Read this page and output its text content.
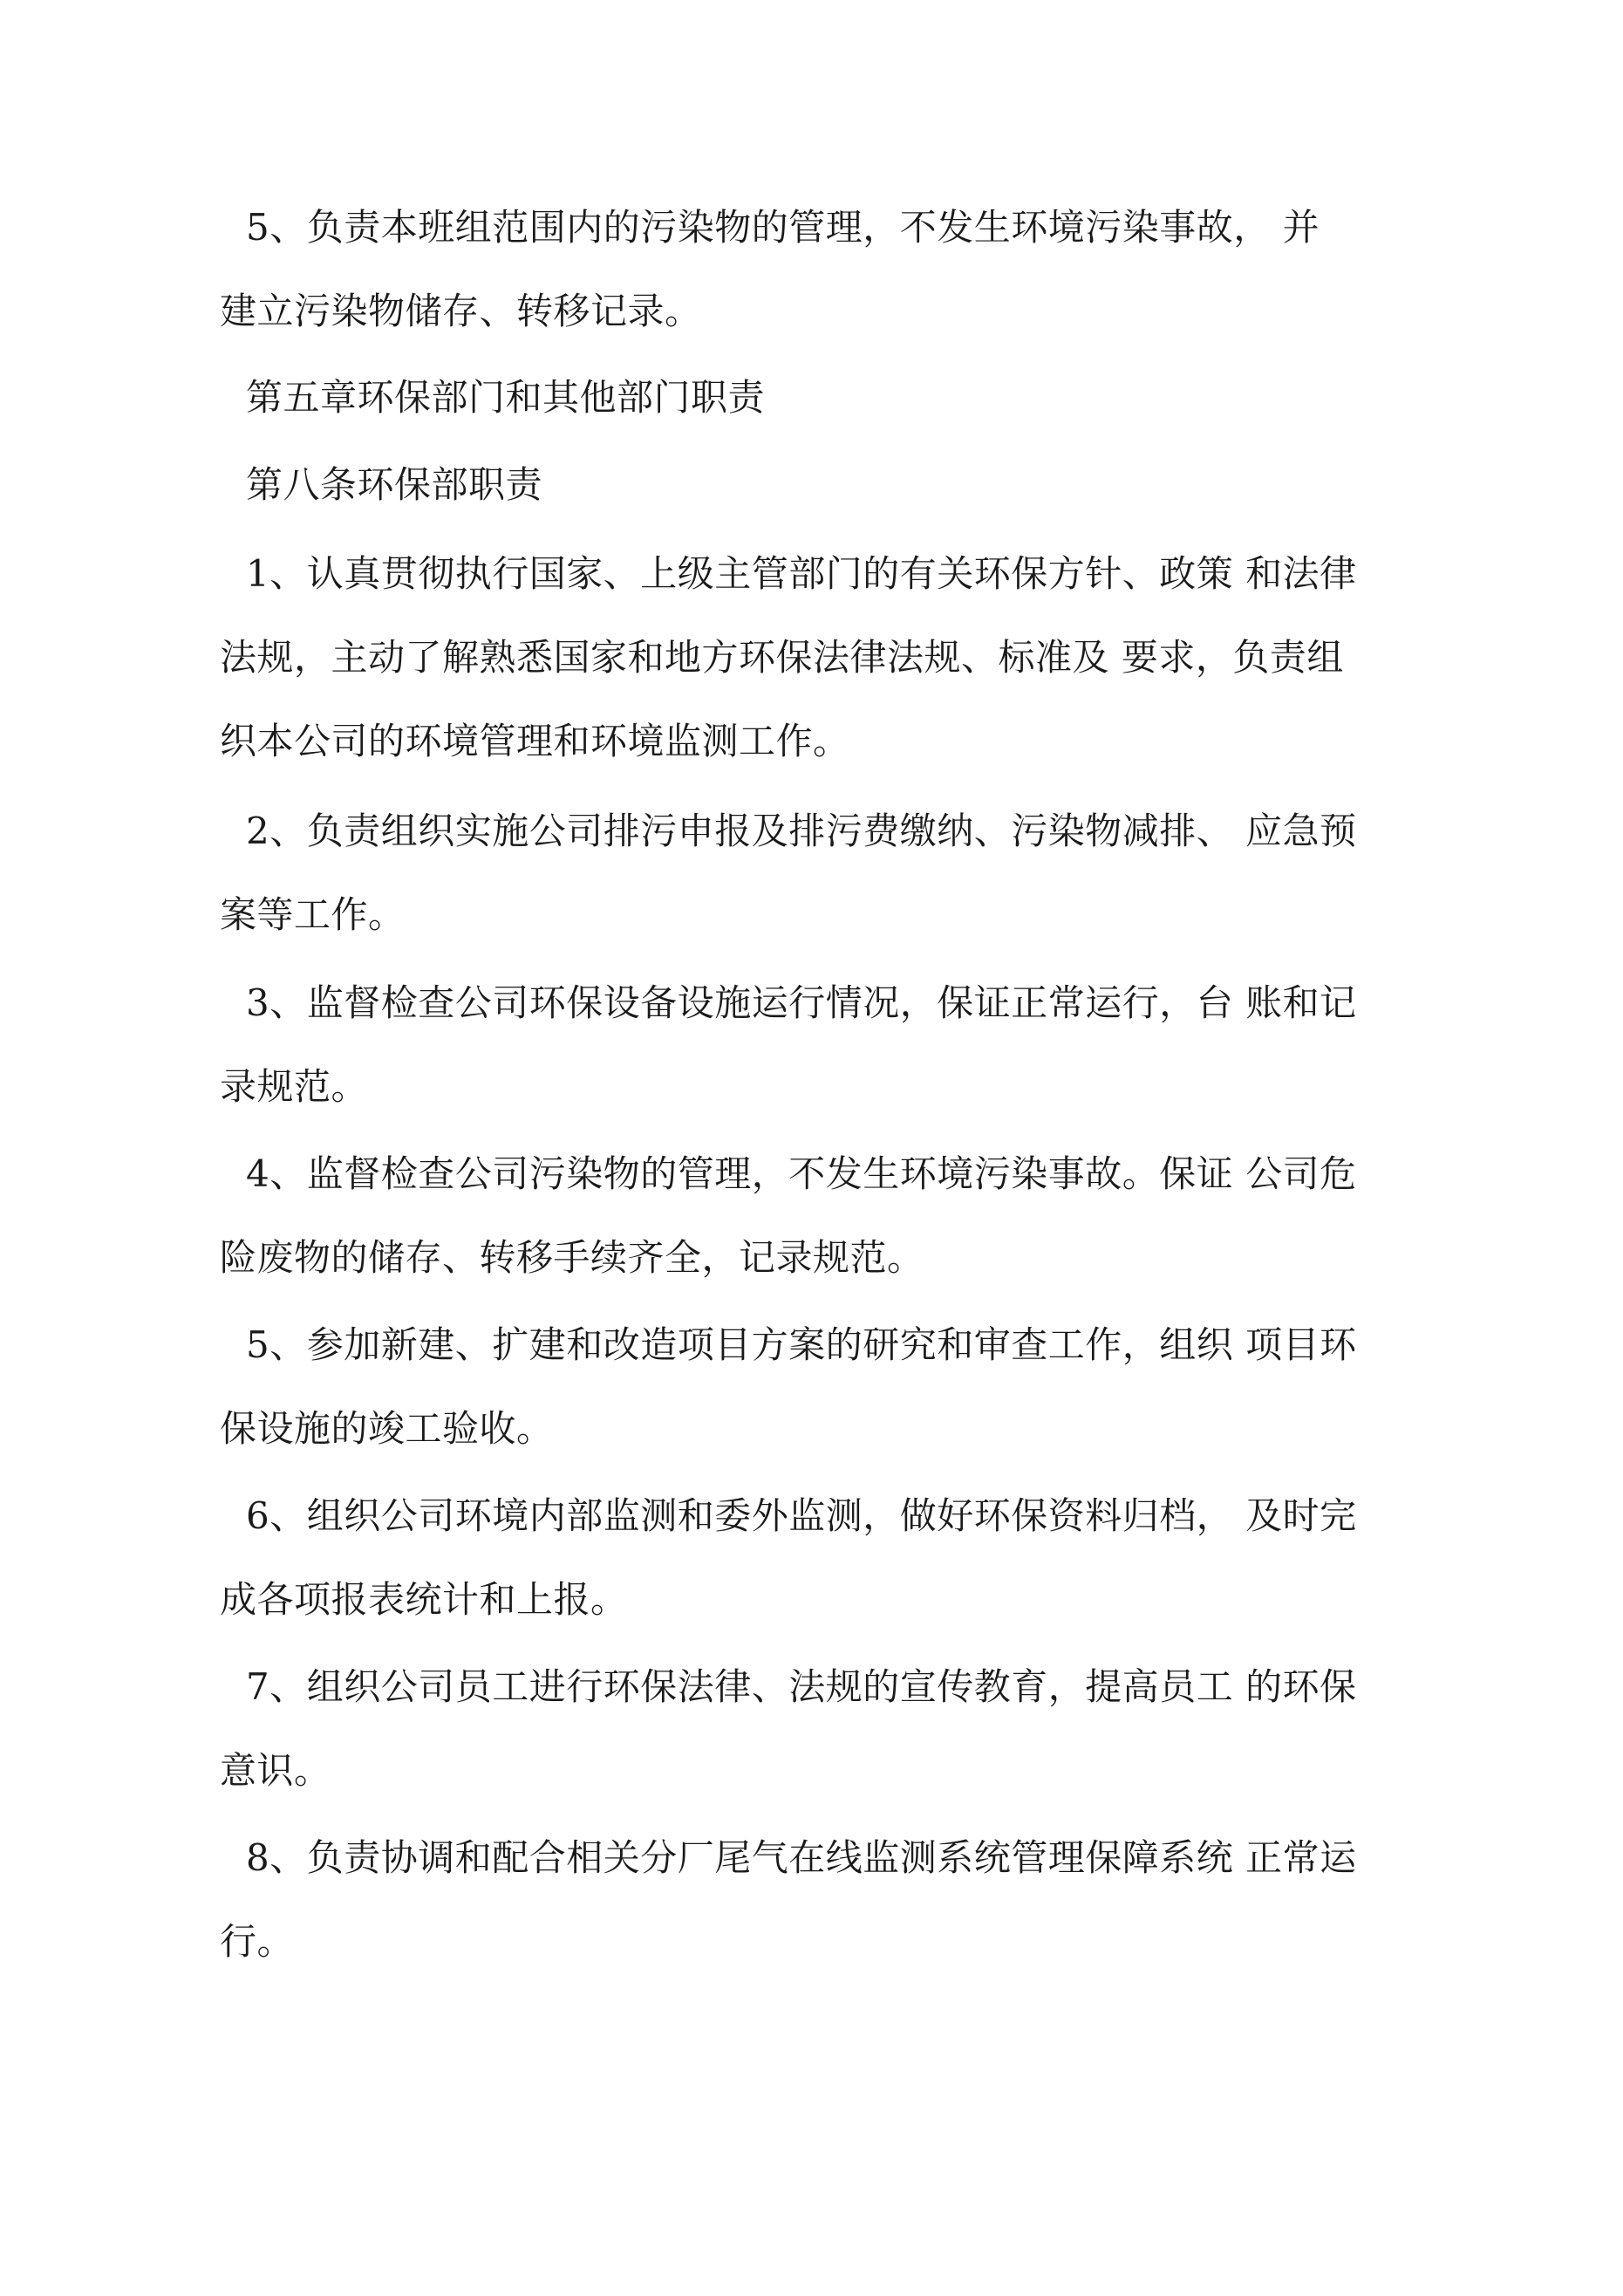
5、负责本班组范围内的污染物的管理，不发生环境污染事故， 并
建立污染物储存、转移记录。
第五章环保部门和其他部门职责
第八条环保部职责
1、认真贯彻执行国家、上级主管部门的有关环保方针、政策 和法律
法规，主动了解熟悉国家和地方环保法律法规、标准及 要求，负责组
织本公司的环境管理和环境监测工作。
2、负责组织实施公司排污申报及排污费缴纳、污染物减排、 应急预
案等工作。
3、监督检查公司环保设备设施运行情况，保证正常运行，台 账和记
录规范。
4、监督检查公司污染物的管理，不发生环境污染事故。保证 公司危
险废物的储存、转移手续齐全，记录规范。
5、参加新建、扩建和改造项目方案的研究和审查工作，组织 项目环
保设施的竣工验收。
6、组织公司环境内部监测和委外监测，做好环保资料归档， 及时完
成各项报表统计和上报。
7、组织公司员工进行环保法律、法规的宣传教育，提高员工 的环保
意识。
8、负责协调和配合相关分厂尾气在线监测系统管理保障系统 正常运
行。
